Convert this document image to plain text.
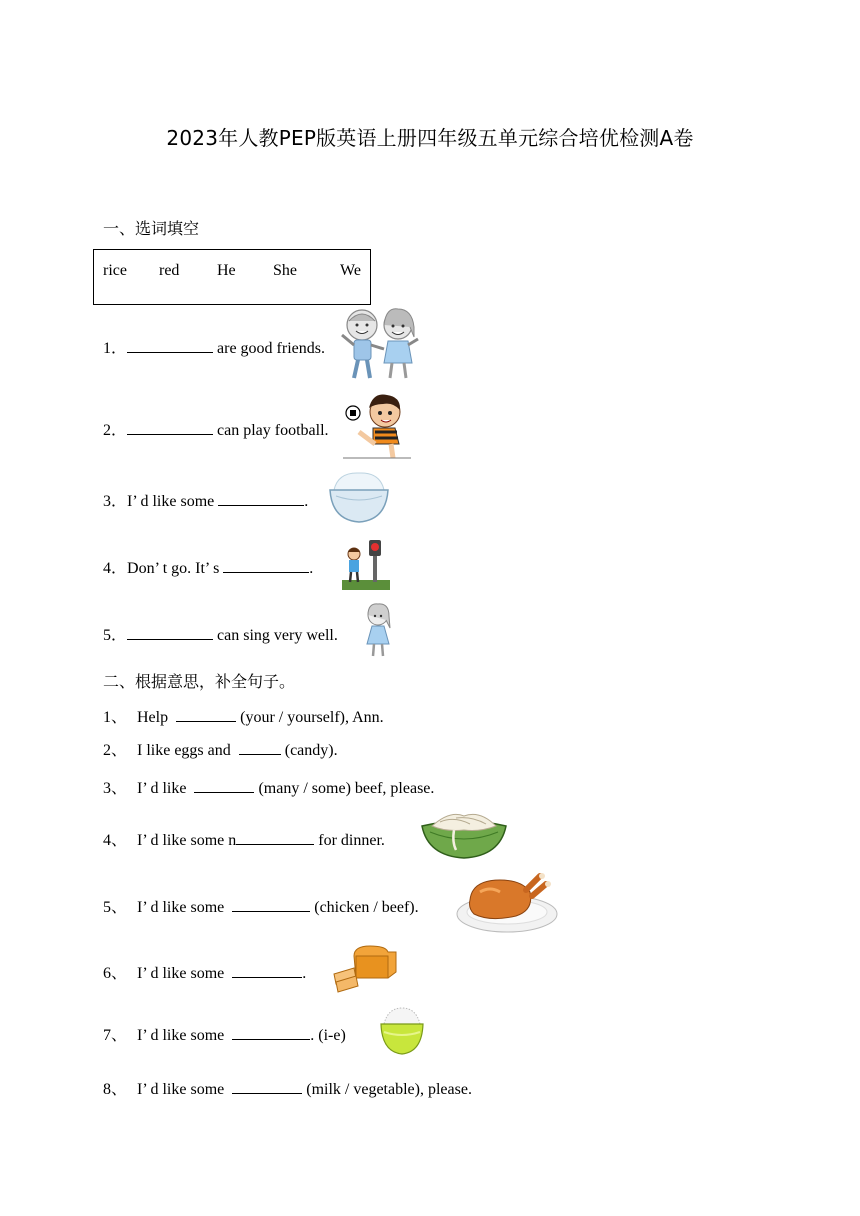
2023年人教PEP版英语上册四年级五单元综合培优检测A卷
一、选词填空
rice red He She	We
1．	are good friends.
2．	can play football.
3．I’ d like some	.
4．Don’ t go. It’ s	.
5．	can sing very well.
二、根据意思，补全句子。
1、 Help	(your / yourself), Ann.
2、 I like eggs and	(candy).
3、 I’ d like	(many / some) beef, please.
4、 I’ d like some n	for dinner.
5、 I’ d like some	(chicken / beef).
6、 I’ d like some	.
7、 I’ d like some	. (i-e)
8、 I’ d like some	(milk / vegetable), please.
